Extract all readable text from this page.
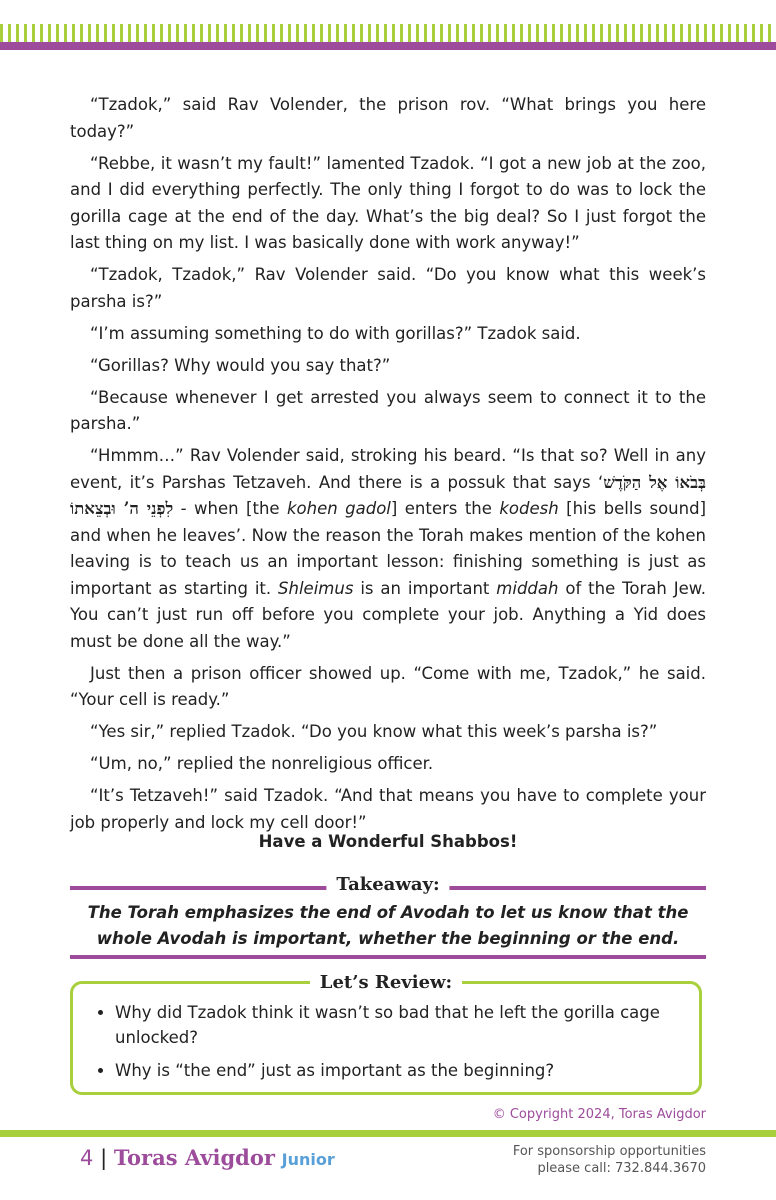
“Tzadok,” said Rav Volender, the prison rov. “What brings you here today?”

“Rebbe, it wasn’t my fault!” lamented Tzadok. “I got a new job at the zoo, and I did everything perfectly. The only thing I forgot to do was to lock the gorilla cage at the end of the day. What’s the big deal? So I just forgot the last thing on my list. I was basically done with work anyway!”

“Tzadok, Tzadok,” Rav Volender said. “Do you know what this week’s parsha is?”

“I’m assuming something to do with gorillas?” Tzadok said.

“Gorillas? Why would you say that?”

“Because whenever I get arrested you always seem to connect it to the parsha.”

“Hmmm…” Rav Volender said, stroking his beard. “Is that so? Well in any event, it’s Parshas Tetzaveh. And there is a possuk that says ‘בְּבֹאוֹ אֶל הַקֹּדֶשׁ לִפְנֵי ה’ וּבְצֵאתוֹ - when [the kohen gadol] enters the kodesh [his bells sound] and when he leaves’. Now the reason the Torah makes mention of the kohen leaving is to teach us an important lesson: finishing something is just as important as starting it. Shleimus is an important middah of the Torah Jew. You can’t just run off before you complete your job. Anything a Yid does must be done all the way.”

Just then a prison officer showed up. “Come with me, Tzadok,” he said. “Your cell is ready.”

“Yes sir,” replied Tzadok. “Do you know what this week’s parsha is?”

“Um, no,” replied the nonreligious officer.

“It’s Tetzaveh!” said Tzadok. “And that means you have to complete your job properly and lock my cell door!”

Have a Wonderful Shabbos!
Takeaway:
The Torah emphasizes the end of Avodah to let us know that the whole Avodah is important, whether the beginning or the end.
• Why did Tzadok think it wasn’t so bad that he left the gorilla cage unlocked?
• Why is “the end” just as important as the beginning?
Let’s Review:
© Copyright 2024, Toras Avigdor
4 | Toras Avigdor Junior	For sponsorship opportunities
please call: 732.844.3670
